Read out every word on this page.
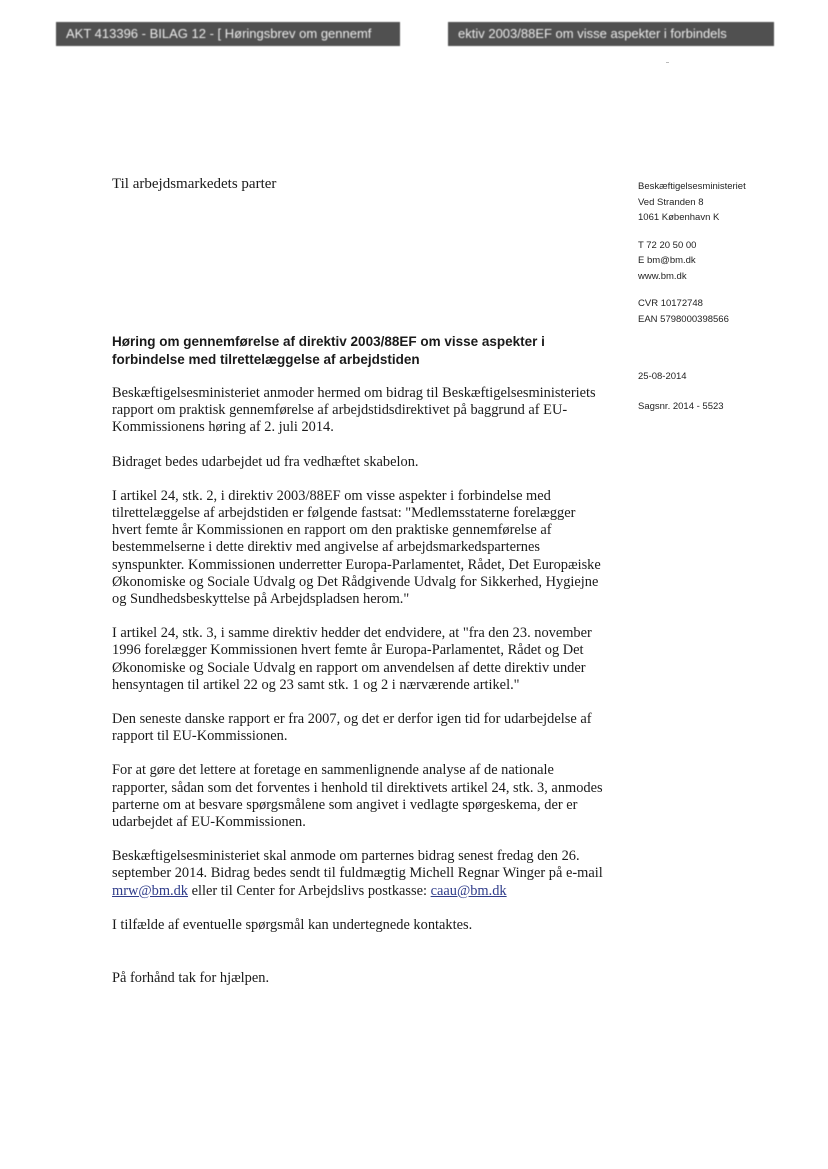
AKT 413396 - BILAG 12 - [ Høringsbrev om gennemf	ektiv 2003/88EF om visse aspekter i forbindels
Til arbejdsmarkedets parter	Beskæftigelsesministeriet
Ved Stranden 8
1061 København K
T 72 20 50 00
E bm@bm.dk
www.bm.dk
CVR 10172748
EAN 5798000398566
25-08-2014
Sagsnr. 2014 - 5523
Høring om gennemførelse af direktiv 2003/88EF om visse aspekter i forbindelse med tilrettelæggelse af arbejdstiden

Beskæftigelsesministeriet anmoder hermed om bidrag til Beskæftigelsesministeriets rapport om praktisk gennemførelse af arbejdstidsdirektivet på baggrund af EU-Kommissionens høring af 2. juli 2014.

Bidraget bedes udarbejdet ud fra vedhæftet skabelon.

I artikel 24, stk. 2, i direktiv 2003/88EF om visse aspekter i forbindelse med tilrettelæggelse af arbejdstiden er følgende fastsat: "Medlemsstaterne forelægger hvert femte år Kommissionen en rapport om den praktiske gennemførelse af bestemmelserne i dette direktiv med angivelse af arbejdsmarkedsparternes synspunkter. Kommissionen underretter Europa-Parlamentet, Rådet, Det Europæiske Økonomiske og Sociale Udvalg og Det Rådgivende Udvalg for Sikkerhed, Hygiejne og Sundhedsbeskyttelse på Arbejdspladsen herom."

I artikel 24, stk. 3, i samme direktiv hedder det endvidere, at "fra den 23. november 1996 forelægger Kommissionen hvert femte år Europa-Parlamentet, Rådet og Det Økonomiske og Sociale Udvalg en rapport om anvendelsen af dette direktiv under hensyntagen til artikel 22 og 23 samt stk. 1 og 2 i nærværende artikel."

Den seneste danske rapport er fra 2007, og det er derfor igen tid for udarbejdelse af rapport til EU-Kommissionen.

For at gøre det lettere at foretage en sammenlignende analyse af de nationale rapporter, sådan som det forventes i henhold til direktivets artikel 24, stk. 3, anmodes parterne om at besvare spørgsmålene som angivet i vedlagte spørgeskema, der er udarbejdet af EU-Kommissionen.

Beskæftigelsesministeriet skal anmode om parternes bidrag senest fredag den 26. september 2014. Bidrag bedes sendt til fuldmægtig Michell Regnar Winger på e-mail mrw@bm.dk eller til Center for Arbejdslivs postkasse: caau@bm.dk

I tilfælde af eventuelle spørgsmål kan undertegnede kontaktes.

På forhånd tak for hjælpen.
